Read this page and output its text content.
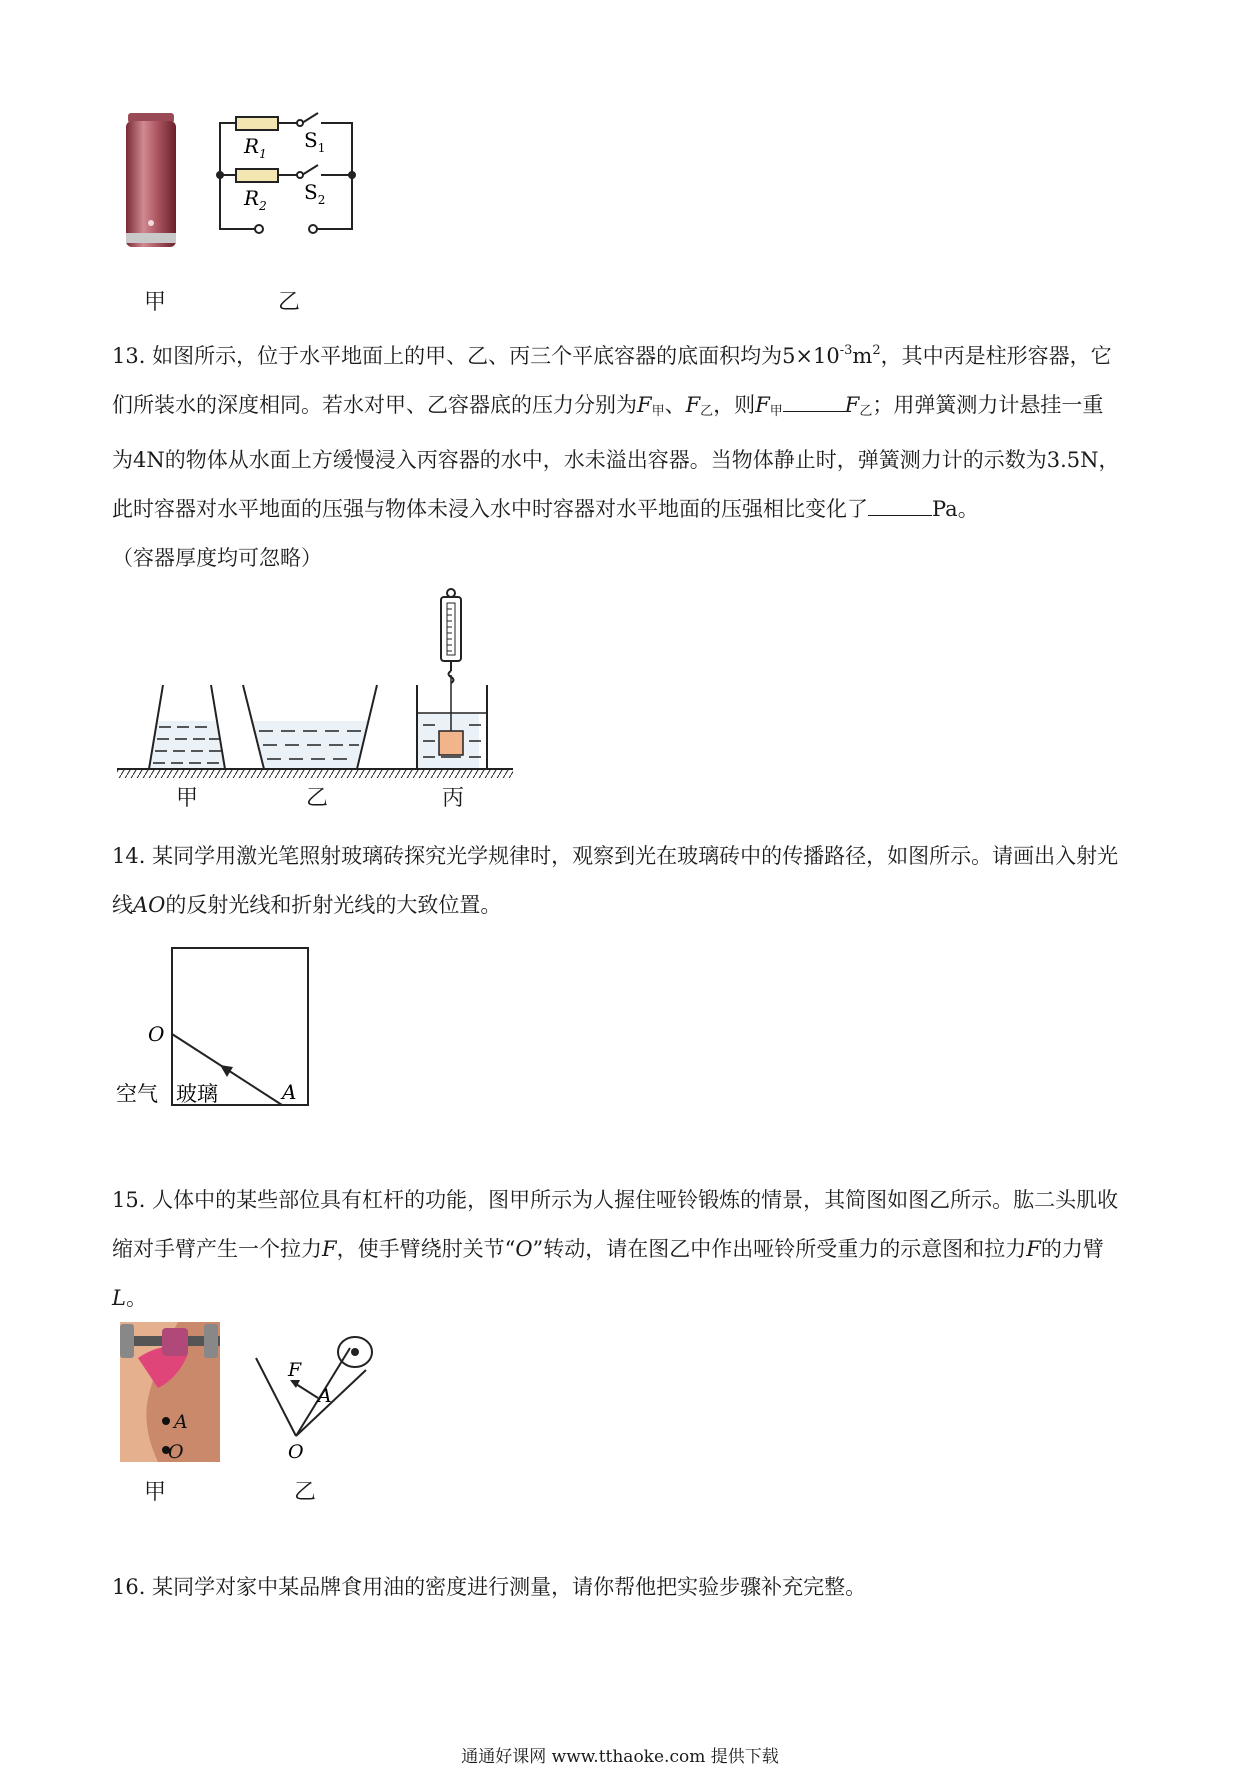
$R_1$
$S_1$
$R_2$
$S_2$
甲	乙

13. 如图所示，位于水平地面上的甲、乙、丙三个平底容器的底面积均为$5\times 10^{-3}m^2$，其中丙是柱形容器，它们所装水的深度相同。若水对甲、乙容器底的压力分别为$F_甲$、$F_乙$，则$F_甲$	$F_乙$；用弹簧测力计悬挂一重为4N的物体从水面上方缓慢浸入丙容器的水中，水未溢出容器。当物体静止时，弹簧测力计的示数为3.5N，此时容器对水平地面的压强与物体未浸入水中时容器对水平地面的压强相比变化了	Pa。

（容器厚度均可忽略）

甲	乙	丙

14. 某同学用激光笔照射玻璃砖探究光学规律时，观察到光在玻璃砖中的传播路径，如图所示。请画出入射光线AO的反射光线和折射光线的大致位置。

O
A
空气 玻璃

15. 人体中的某些部位具有杠杆的功能，图甲所示为人握住哑铃锻炼的情景，其简图如图乙所示。肱二头肌收缩对手臂产生一个拉力F，使手臂绕肘关节“O”转动，请在图乙中作出哑铃所受重力的示意图和拉力F的力臂L。

A
O
F
A
O
甲	乙

16. 某同学对家中某品牌食用油的密度进行测量，请你帮他把实验步骤补充完整。

通通好课网 www.tthaoke.com 提供下载
